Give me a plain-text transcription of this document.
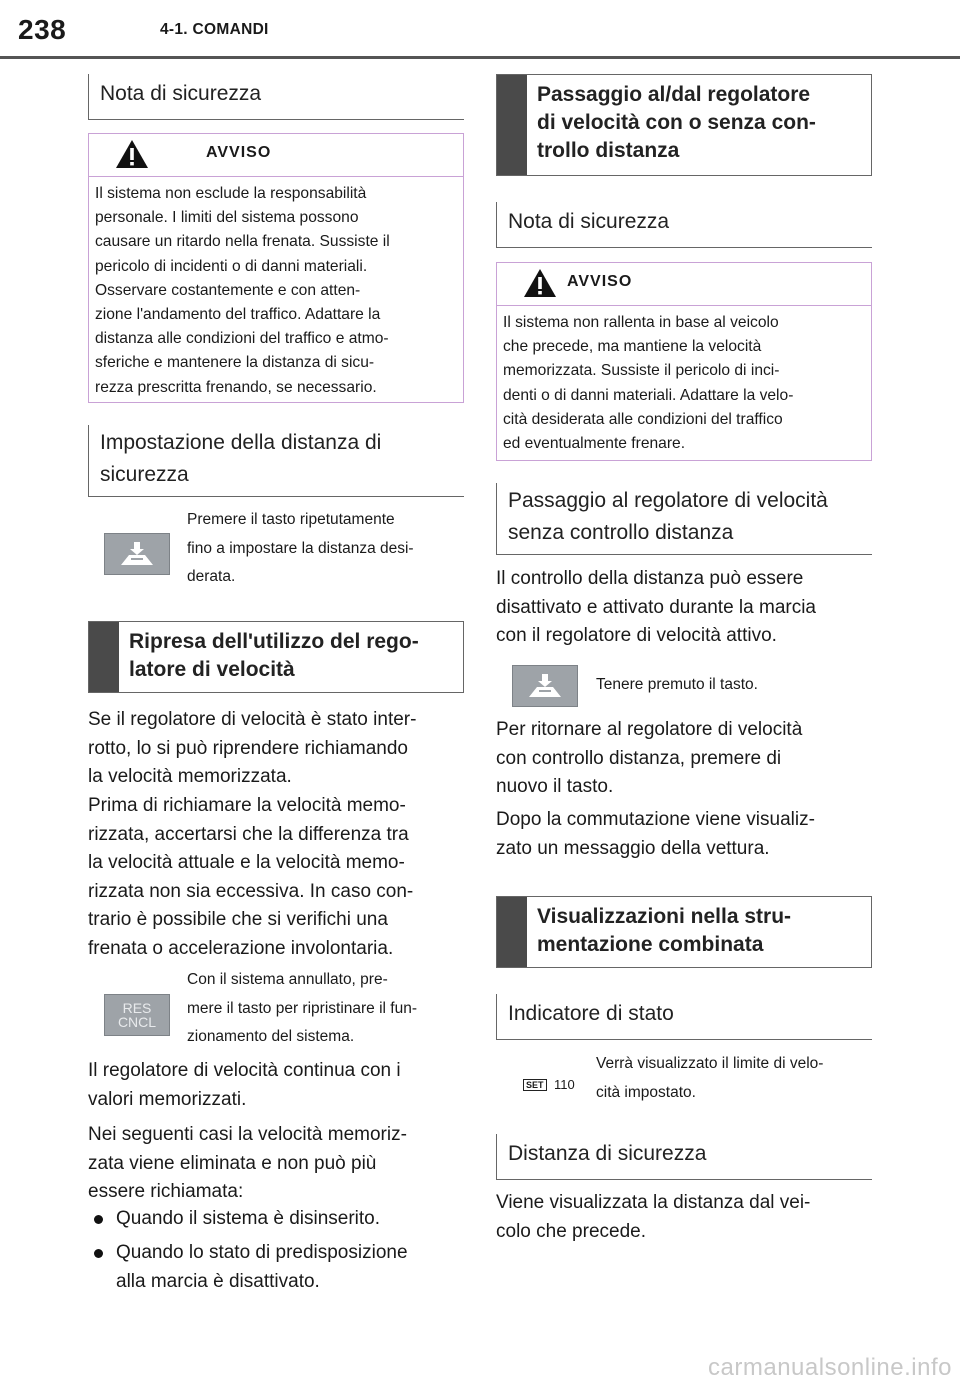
238	4-1. COMANDI
Nota di sicurezza
AVVISO
Il sistema non esclude la responsabilità
personale. I limiti del sistema possono
causare un ritardo nella frenata. Sussiste il
pericolo di incidenti o di danni materiali.
Osservare costantemente e con atten-
zione l'andamento del traffico. Adattare la
distanza alle condizioni del traffico e atmo-
sferiche e mantenere la distanza di sicu-
rezza prescritta frenando, se necessario.
Impostazione della distanza di
sicurezza
Premere il tasto ripetutamente
fino a impostare la distanza desi-
derata.
Ripresa dell'utilizzo del rego-
latore di velocità
Se il regolatore di velocità è stato inter-
rotto, lo si può riprendere richiamando
la velocità memorizzata.
Prima di richiamare la velocità memo-
rizzata, accertarsi che la differenza tra
la velocità attuale e la velocità memo-
rizzata non sia eccessiva. In caso con-
trario è possibile che si verifichi una
frenata o accelerazione involontaria.
RES
CNCL
Con il sistema annullato, pre-
mere il tasto per ripristinare il fun-
zionamento del sistema.
Il regolatore di velocità continua con i
valori memorizzati.
Nei seguenti casi la velocità memoriz-
zata viene eliminata e non può più
essere richiamata:
Quando il sistema è disinserito.
Quando lo stato di predisposizione
alla marcia è disattivato.
Passaggio al/dal regolatore
di velocità con o senza con-
trollo distanza
Nota di sicurezza
AVVISO
Il sistema non rallenta in base al veicolo
che precede, ma mantiene la velocità
memorizzata. Sussiste il pericolo di inci-
denti o di danni materiali. Adattare la velo-
cità desiderata alle condizioni del traffico
ed eventualmente frenare.
Passaggio al regolatore di velocità
senza controllo distanza
Il controllo della distanza può essere
disattivato e attivato durante la marcia
con il regolatore di velocità attivo.
Tenere premuto il tasto.
Per ritornare al regolatore di velocità
con controllo distanza, premere di
nuovo il tasto.
Dopo la commutazione viene visualiz-
zato un messaggio della vettura.
Visualizzazioni nella stru-
mentazione combinata
Indicatore di stato
SET 110
Verrà visualizzato il limite di velo-
cità impostato.
Distanza di sicurezza
Viene visualizzata la distanza dal vei-
colo che precede.
carmanualsonline.info
